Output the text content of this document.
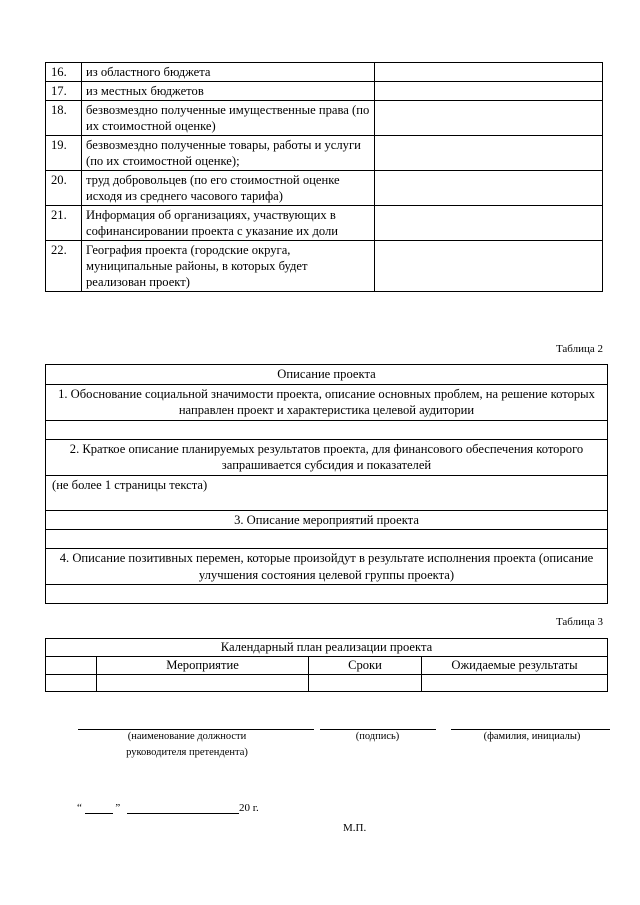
16.	из областного бюджета	
17.	из местных бюджетов	
18.	безвозмездно полученные имущественные права (по их стоимостной оценке)	
19.	безвозмездно полученные товары, работы и услуги (по их стоимостной оценке);	
20.	труд добровольцев (по его стоимостной оценке исходя из среднего часового тарифа)	
21.	Информация об организациях, участвующих в софинансировании проекта с указание их доли	
22.	География проекта (городские округа, муниципальные районы, в которых будет реализован проект)	
Таблица 2
Описание проекта
1. Обоснование социальной значимости проекта, описание основных проблем, на решение которых направлен проект и характеристика целевой аудитории

2. Краткое описание планируемых результатов проекта, для финансового обеспечения которого запрашивается субсидия и показателей
(не более 1 страницы текста)
3. Описание мероприятий проекта

4. Описание позитивных перемен, которые произойдут в результате исполнения проекта (описание улучшения состояния целевой группы проекта)

Таблица 3
Календарный план реализации проекта			
	Мероприятие	Сроки	Ожидаемые результаты

(наименование должности руководителя претендента)
(подпись)	(фамилия, инициалы)
“	”	20 г.
М.П.
